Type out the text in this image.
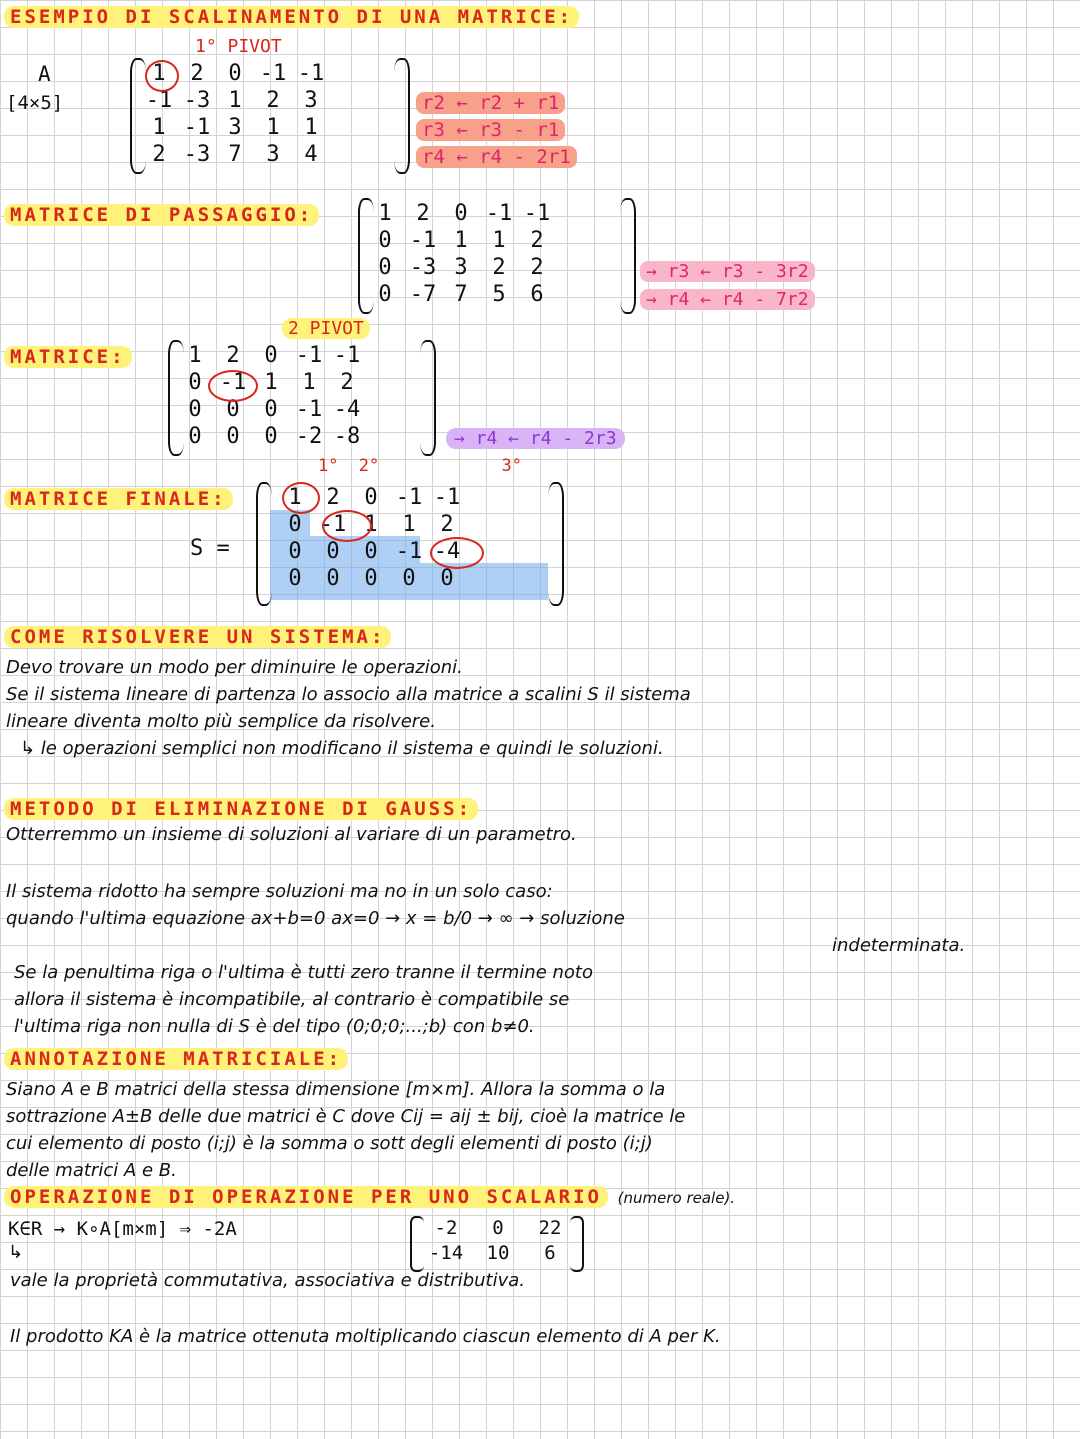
ESEMPIO DI SCALINAMENTO DI UNA MATRICE:
1° PIVOT
A
[4×5]
1	2	0 -1 -1
-1 -3 1	2	3
1 -1 3	1	1
2 -3 7	3	4
r2 ← r2 + r1
r3 ← r3 - r1
r4 ← r4 - 2r1
MATRICE DI PASSAGGIO:	1	2	0 -1 -1
0 -1 1	1	2
0 -3 3	2	2
0 -7 7	5	6
→ r3 ← r3 - 3r2
→ r4 ← r4 - 7r2
2 PIVOT
MATRICE:	1	2	0 -1 -1
0 -1 1	1	2
0	0	0 -1 -4
0	0	0 -2 -8	→ r4 ← r4 - 2r3
1° 2°	3°
MATRICE FINALE:
S =
1	2	0 -1 -1
0 -1 1	1	2
0	0	0 -1 -4
0	0	0	0	0
COME RISOLVERE UN SISTEMA:
Devo trovare un modo per diminuire le operazioni.
Se il sistema lineare di partenza lo associo alla matrice a scalini S il sistema
lineare diventa molto più semplice da risolvere.
↳ le operazioni semplici non modificano il sistema e quindi le soluzioni.
METODO DI ELIMINAZIONE DI GAUSS:
Otterremmo un insieme di soluzioni al variare di un parametro.
Il sistema ridotto ha sempre soluzioni ma no in un solo caso:
quando l'ultima equazione ax+b=0 ax=0 → x = b/0 → ∞ → soluzione
indeterminata.
Se la penultima riga o l'ultima è tutti zero tranne il termine noto
allora il sistema è incompatibile, al contrario è compatibile se
l'ultima riga non nulla di S è del tipo (0;0;0;...;b) con b≠0.
ANNOTAZIONE MATRICIALE:
Siano A e B matrici della stessa dimensione [m×m]. Allora la somma o la
sottrazione A±B delle due matrici è C dove Cij = aij ± bij, cioè la matrice le
cui elemento di posto (i;j) è la somma o sott degli elementi di posto (i;j)
delle matrici A e B.
OPERAZIONE DI OPERAZIONE PER UNO SCALARIO (numero reale).
K∈R → K∘A[m×m] ⇒ -2A	-2 0 22
-14 10 6
↳
vale la proprietà commutativa, associativa e distributiva.
Il prodotto KA è la matrice ottenuta moltiplicando ciascun elemento di A per K.
